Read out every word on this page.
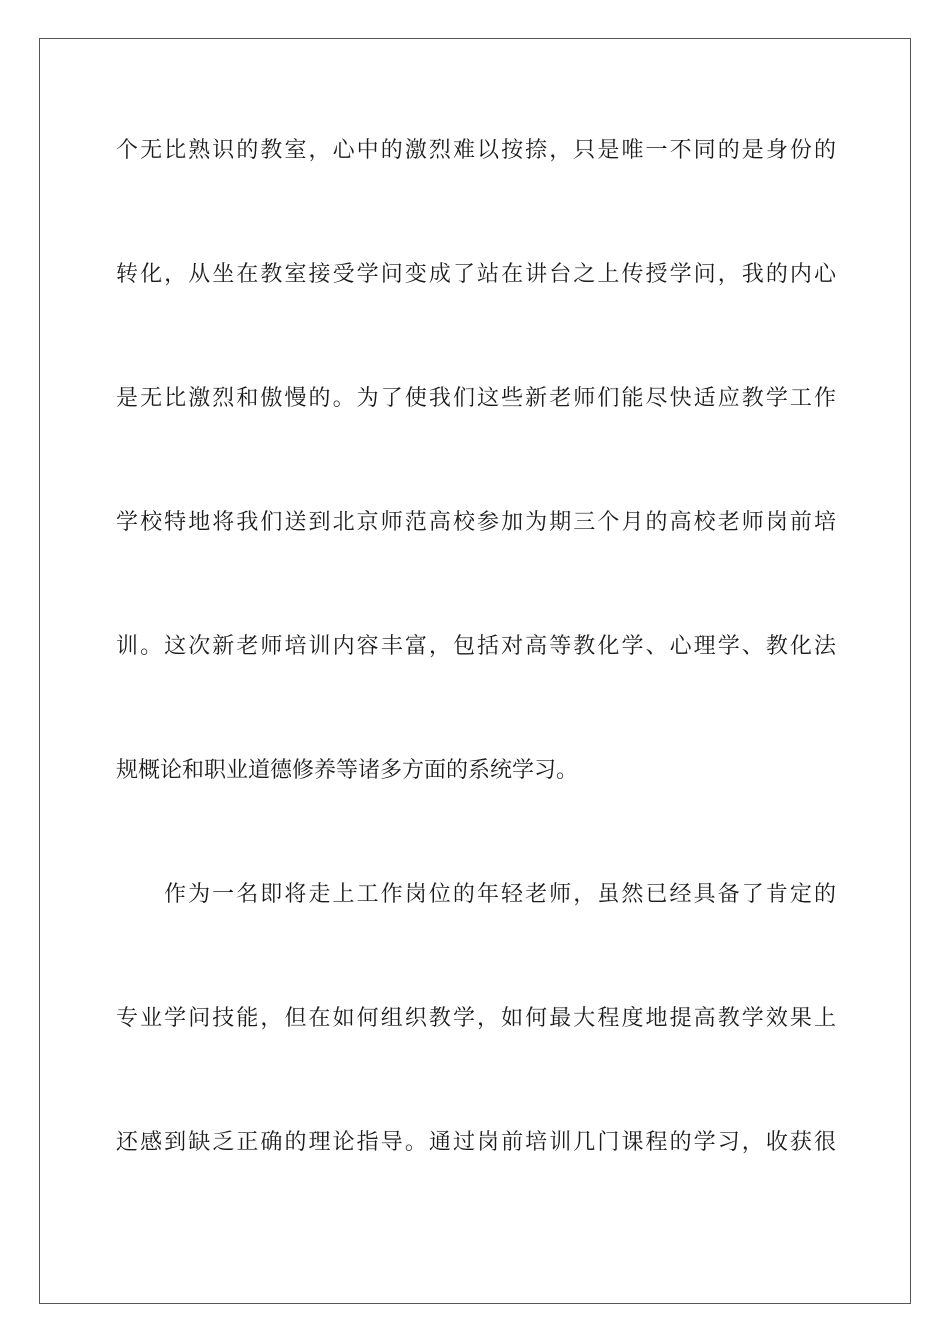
个无比熟识的教室，心中的激烈难以按捺，只是唯一不同的是身份的
转化，从坐在教室接受学问变成了站在讲台之上传授学问，我的内心
是无比激烈和傲慢的。为了使我们这些新老师们能尽快适应教学工作
学校特地将我们送到北京师范高校参加为期三个月的高校老师岗前培
训。这次新老师培训内容丰富，包括对高等教化学、心理学、教化法
规概论和职业道德修养等诸多方面的系统学习。
作为一名即将走上工作岗位的年轻老师，虽然已经具备了肯定的
专业学问技能，但在如何组织教学，如何最大程度地提高教学效果上
还感到缺乏正确的理论指导。通过岗前培训几门课程的学习，收获很
